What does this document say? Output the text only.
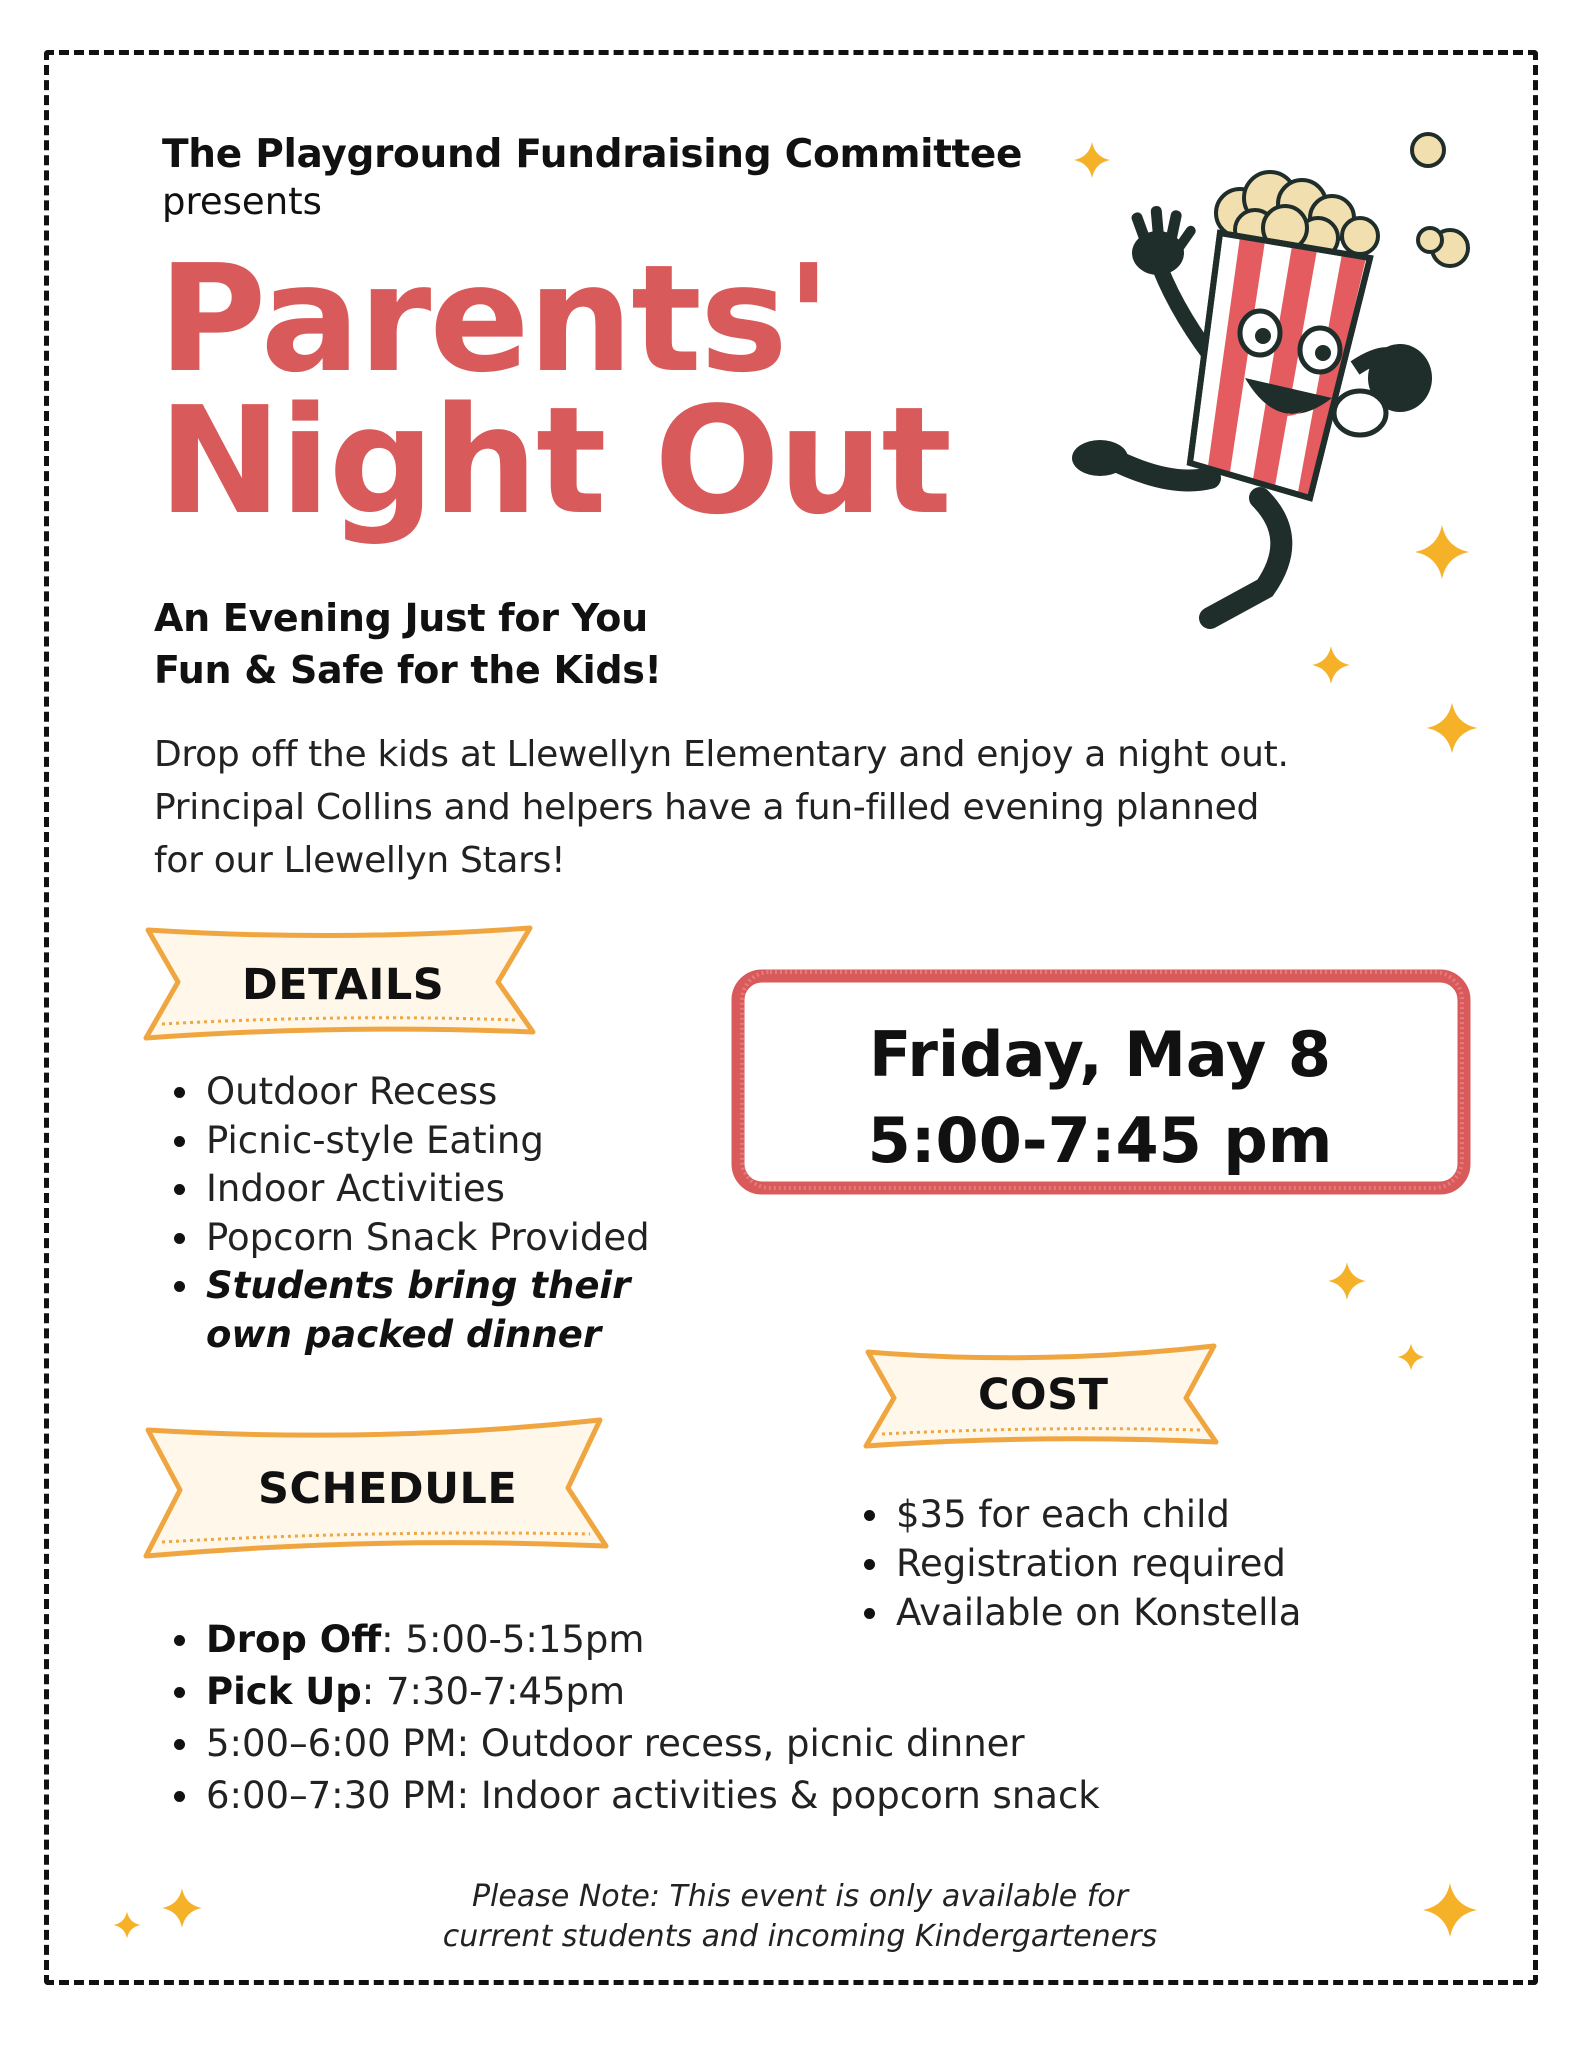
The Playground Fundraising Committee
presents
Parents'
Night Out
An Evening Just for You
Fun & Safe for the Kids!
Drop off the kids at Llewellyn Elementary and enjoy a night out. Principal Collins and helpers have a fun-filled evening planned for our Llewellyn Stars!
DETAILS
Outdoor Recess
Picnic-style Eating
Indoor Activities
Popcorn Snack Provided
Students bring their
own packed dinner
Friday, May 8
5:00-7:45 pm
COST
$35 for each child
Registration required
Available on Konstella
SCHEDULE
Drop Off: 5:00-5:15pm
Pick Up: 7:30-7:45pm
5:00–6:00 PM: Outdoor recess, picnic dinner
6:00–7:30 PM: Indoor activities & popcorn snack
Please Note: This event is only available for
current students and incoming Kindergarteners
